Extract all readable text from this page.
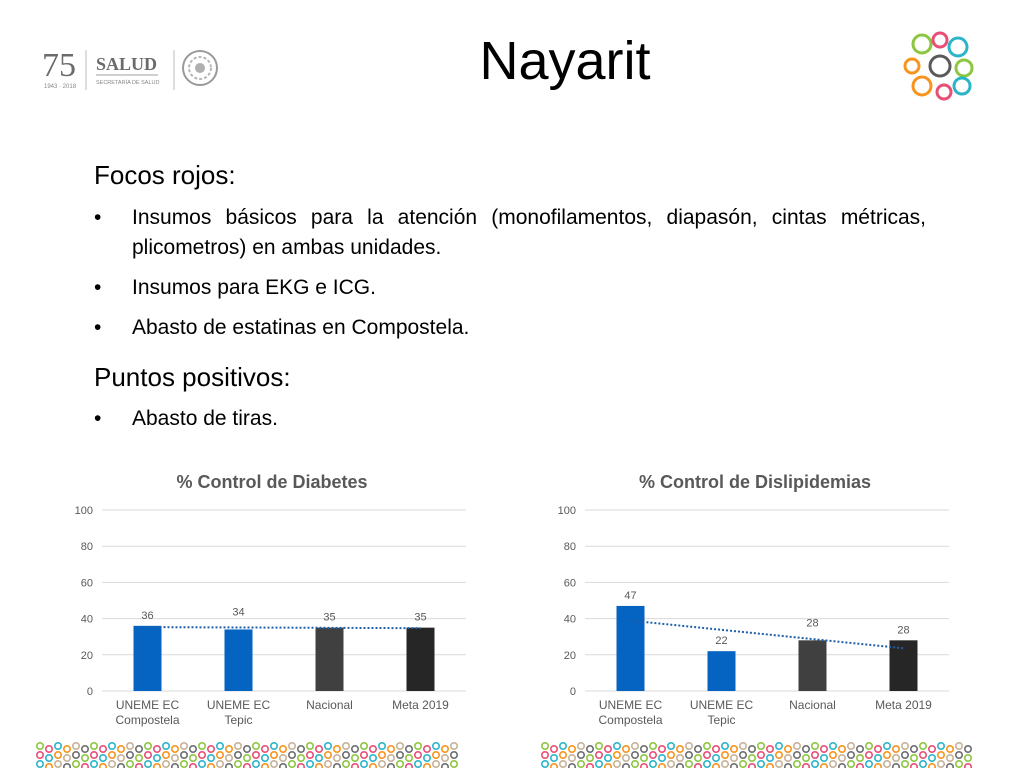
75
1943 · 2018
SALUD
SECRETARÍA DE SALUD	Nayarit
Focos rojos:
• Insumos básicos para la atención (monofilamentos, diapasón, cintas métricas, plicometros) en ambas unidades.
• Insumos para EKG e ICG.
• Abasto de estatinas en Compostela.
Puntos positivos:
• Abasto de tiras.
% Control de Diabetes
0
20
40
60
80
100
36	34	35	35
UNEME EC
Compostela
UNEME EC
Tepic
Nacional	Meta 2019
% Control de Dislipidemias
0
20
40
60
80
100
47
22
28
28
UNEME EC
Compostela
UNEME EC
Tepic
Nacional	Meta 2019
